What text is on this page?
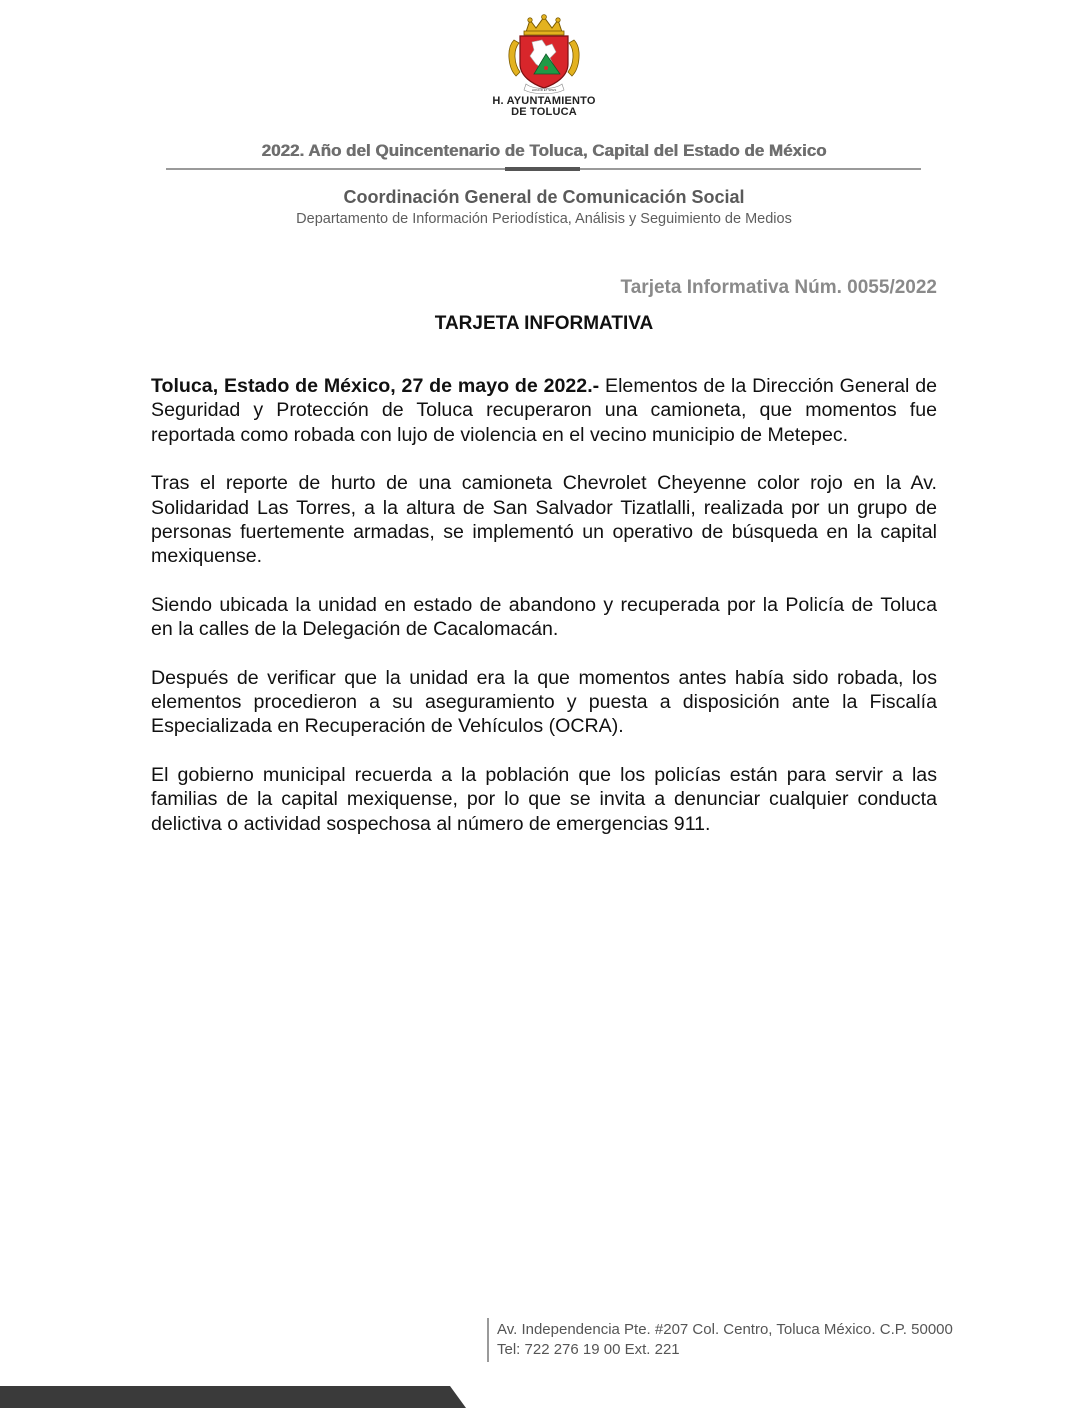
HONOR ET SPES
H. AYUNTAMIENTO
DE TOLUCA
2022. Año del Quincentenario de Toluca, Capital del Estado de México
Coordinación General de Comunicación Social
Departamento de Información Periodística, Análisis y Seguimiento de Medios
Tarjeta Informativa Núm. 0055/2022
TARJETA INFORMATIVA

Toluca, Estado de México, 27 de mayo de 2022.- Elementos de la Dirección General de Seguridad y Protección de Toluca recuperaron una camioneta, que momentos fue reportada como robada con lujo de violencia en el vecino municipio de Metepec.

Tras el reporte de hurto de una camioneta Chevrolet Cheyenne color rojo en la Av. Solidaridad Las Torres, a la altura de San Salvador Tizatlalli, realizada por un grupo de personas fuertemente armadas, se implementó un operativo de búsqueda en la capital mexiquense.

Siendo ubicada la unidad en estado de abandono y recuperada por la Policía de Toluca en la calles de la Delegación de Cacalomacán.

Después de verificar que la unidad era la que momentos antes había sido robada, los elementos procedieron a su aseguramiento y puesta a disposición ante la Fiscalía Especializada en Recuperación de Vehículos (OCRA).

El gobierno municipal recuerda a la población que los policías están para servir a las familias de la capital mexiquense, por lo que se invita a denunciar cualquier conducta delictiva o actividad sospechosa al número de emergencias 911.

Av. Independencia Pte. #207 Col. Centro, Toluca México. C.P. 50000
Tel: 722 276 19 00 Ext. 221
